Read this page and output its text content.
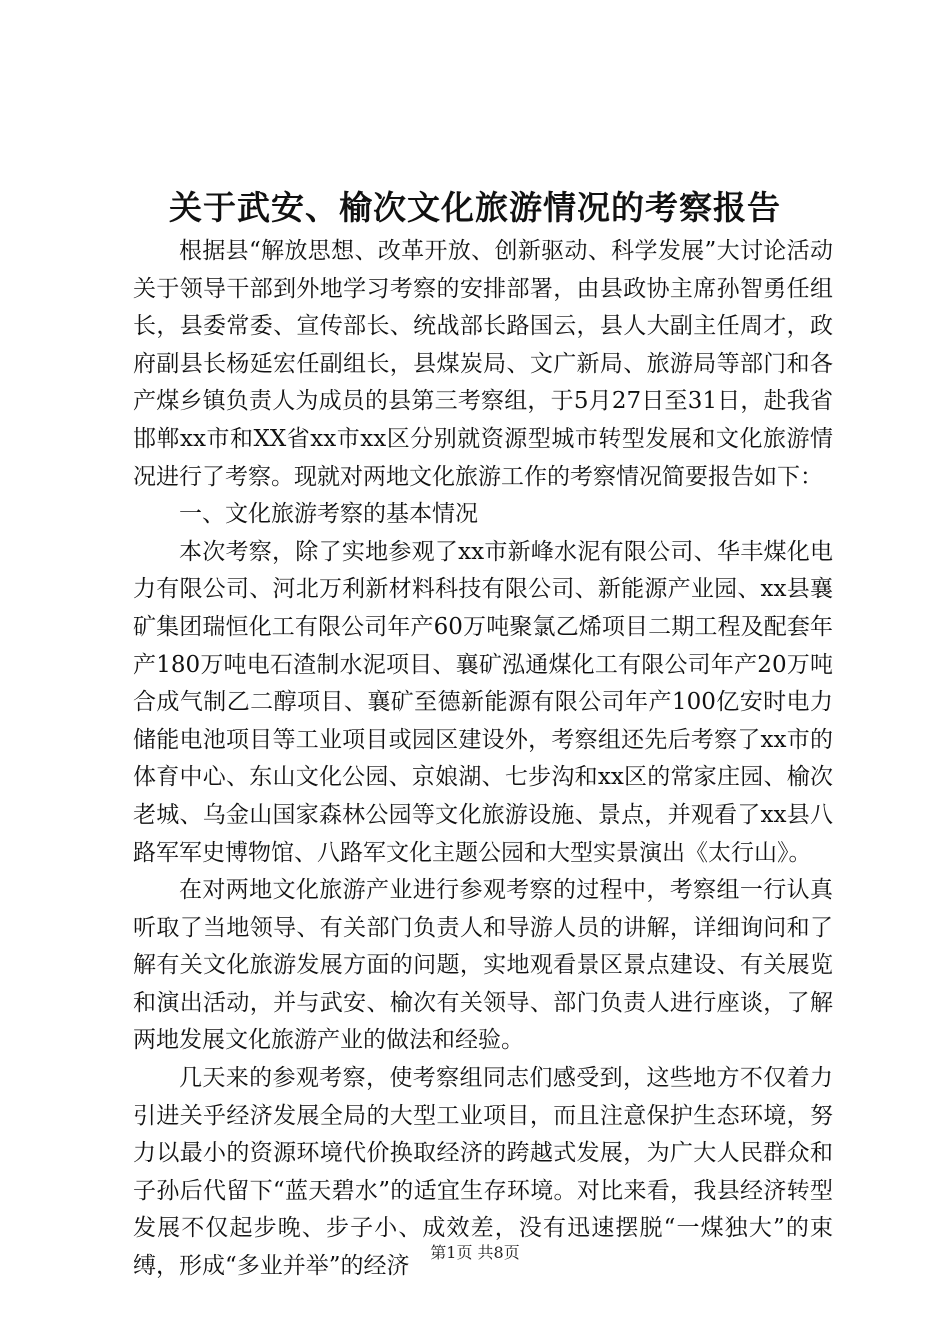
关于武安、榆次文化旅游情况的考察报告

根据县“解放思想、改革开放、创新驱动、科学发展”大讨论活动关于领导干部到外地学习考察的安排部署，由县政协主席孙智勇任组长，县委常委、宣传部长、统战部长路国云，县人大副主任周才，政府副县长杨延宏任副组长，县煤炭局、文广新局、旅游局等部门和各产煤乡镇负责人为成员的县第三考察组，于5月27日至31日，赴我省邯郸xx市和XX省xx市xx区分别就资源型城市转型发展和文化旅游情况进行了考察。现就对两地文化旅游工作的考察情况简要报告如下：

一、文化旅游考察的基本情况

本次考察，除了实地参观了xx市新峰水泥有限公司、华丰煤化电力有限公司、河北万利新材料科技有限公司、新能源产业园、xx县襄矿集团瑞恒化工有限公司年产60万吨聚氯乙烯项目二期工程及配套年产180万吨电石渣制水泥项目、襄矿泓通煤化工有限公司年产20万吨合成气制乙二醇项目、襄矿至德新能源有限公司年产100亿安时电力储能电池项目等工业项目或园区建设外，考察组还先后考察了xx市的体育中心、东山文化公园、京娘湖、七步沟和xx区的常家庄园、榆次老城、乌金山国家森林公园等文化旅游设施、景点，并观看了xx县八路军军史博物馆、八路军文化主题公园和大型实景演出《太行山》。

在对两地文化旅游产业进行参观考察的过程中，考察组一行认真听取了当地领导、有关部门负责人和导游人员的讲解，详细询问和了解有关文化旅游发展方面的问题，实地观看景区景点建设、有关展览和演出活动，并与武安、榆次有关领导、部门负责人进行座谈，了解两地发展文化旅游产业的做法和经验。

几天来的参观考察，使考察组同志们感受到，这些地方不仅着力引进关乎经济发展全局的大型工业项目，而且注意保护生态环境，努力以最小的资源环境代价换取经济的跨越式发展，为广大人民群众和子孙后代留下“蓝天碧水”的适宜生存环境。对比来看，我县经济转型发展不仅起步晚、步子小、成效差，没有迅速摆脱“一煤独大”的束缚，形成“多业并举”的经济

第1页 共8页
